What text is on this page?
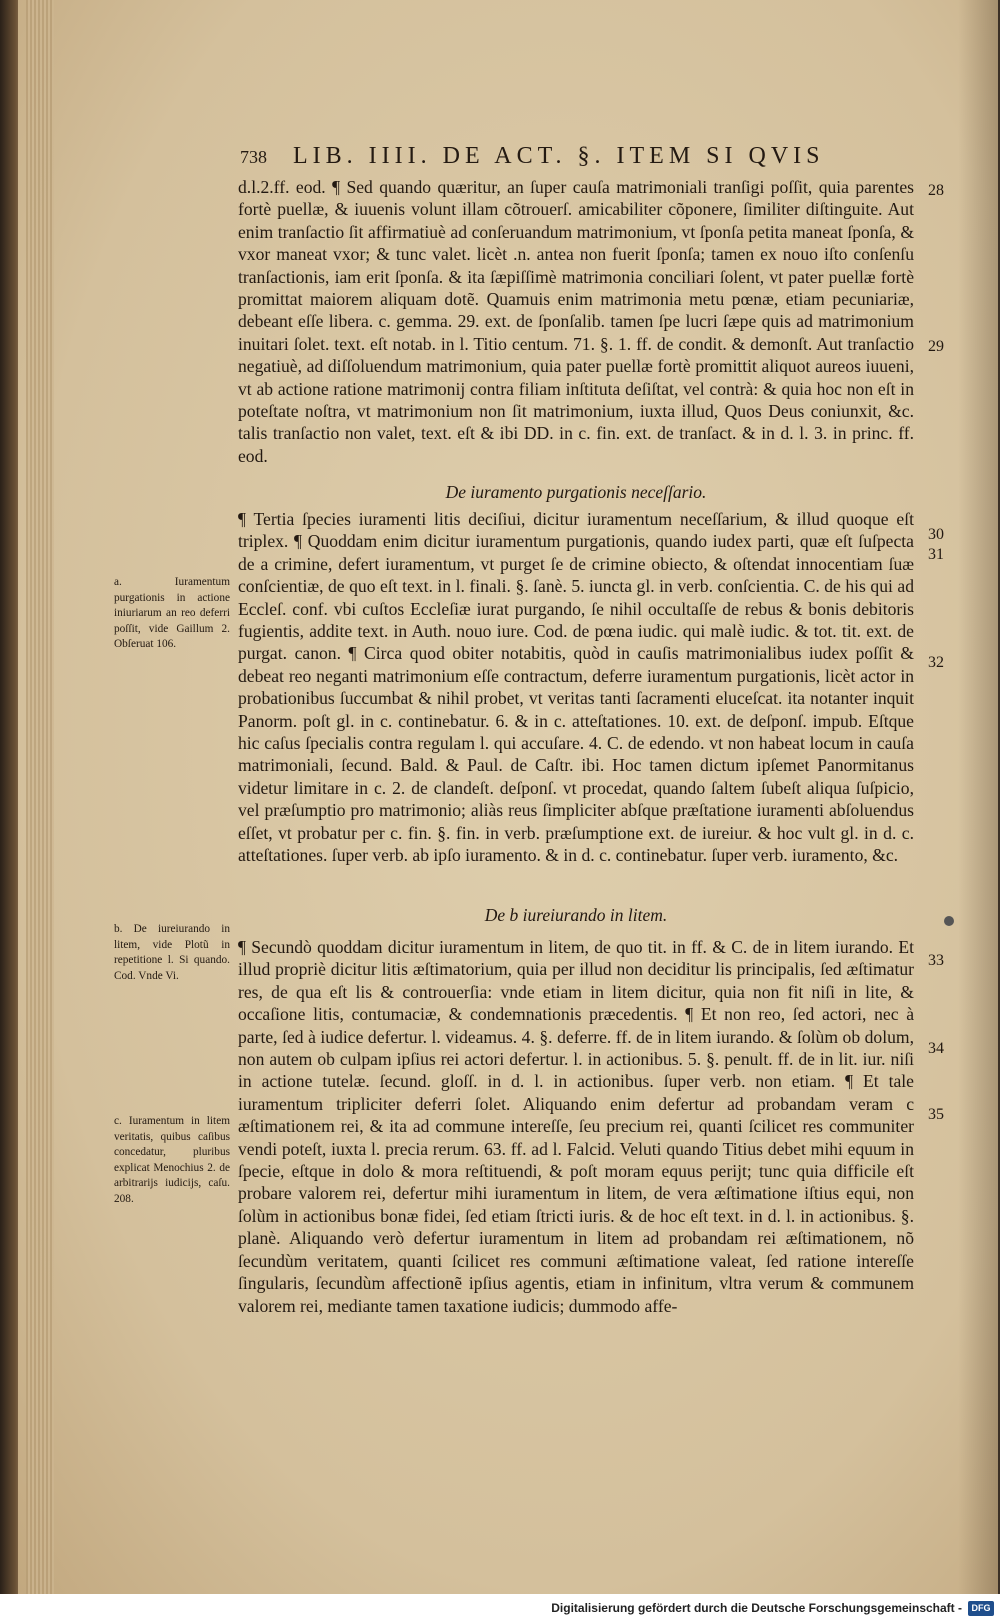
738 LIB. IIII. DE ACT. §. ITEM SI QVIS

d.l.2.ff. eod. ¶ Sed quando quæritur, an ſuper cauſa matrimoniali tranſigi poſſit, quia parentes fortè puellæ, & iuuenis volunt illam cõtrouerſ. amicabiliter cõponere, ſimiliter diſtinguite. Aut enim tranſactio ſit affirmatiuè ad conſeruandum matrimonium, vt ſponſa petita maneat ſponſa, & vxor maneat vxor; & tunc valet. licèt .n. antea non fuerit ſponſa; tamen ex nouo iſto conſenſu tranſactionis, iam erit ſponſa. & ita ſæpiſſimè matrimonia conciliari ſolent, vt pater puellæ fortè promittat maiorem aliquam dotẽ. Quamuis enim matrimonia metu pœnæ, etiam pecuniariæ, debeant eſſe libera. c. gemma. 29. ext. de ſponſalib. tamen ſpe lucri ſæpe quis ad matrimonium inuitari ſolet. text. eſt notab. in l. Titio centum. 71. §. 1. ff. de condit. & demonſt. Aut tranſactio negatiuè, ad diſſoluendum matrimonium, quia pater puellæ fortè promittit aliquot aureos iuueni, vt ab actione ratione matrimonij contra filiam inſtituta deſiſtat, vel contrà: & quia hoc non eſt in poteſtate noſtra, vt matrimonium non ſit matrimonium, iuxta illud, Quos Deus coniunxit, &c. talis tranſactio non valet, text. eſt & ibi DD. in c. fin. ext. de tranſact. & in d. l. 3. in princ. ff. eod.

De iuramento purgationis neceſſario.

¶ Tertia ſpecies iuramenti litis deciſiui, dicitur iuramentum neceſſarium, & illud quoque eſt triplex. ¶ Quoddam enim dicitur iuramentum purgationis, quando iudex parti, quæ eſt ſuſpecta de a crimine, defert iuramentum, vt purget ſe de crimine obiecto, & oſtendat innocentiam ſuæ conſcientiæ, de quo eſt text. in l. finali. §. ſanè. 5. iuncta gl. in verb. conſcientia. C. de his qui ad Eccleſ. conf. vbi cuſtos Eccleſiæ iurat purgando, ſe nihil occultaſſe de rebus & bonis debitoris fugientis, addite text. in Auth. nouo iure. Cod. de pœna iudic. qui malè iudic. & tot. tit. ext. de purgat. canon. ¶ Circa quod obiter notabitis, quòd in cauſis matrimonialibus iudex poſſit & debeat reo neganti matrimonium eſſe contractum, deferre iuramentum purgationis, licèt actor in probationibus ſuccumbat & nihil probet, vt veritas tanti ſacramenti eluceſcat. ita notanter inquit Panorm. poſt gl. in c. continebatur. 6. & in c. atteſtationes. 10. ext. de deſponſ. impub. Eſtque hic caſus ſpecialis contra regulam l. qui accuſare. 4. C. de edendo. vt non habeat locum in cauſa matrimoniali, ſecund. Bald. & Paul. de Caſtr. ibi. Hoc tamen dictum ipſemet Panormitanus videtur limitare in c. 2. de clandeſt. deſponſ. vt procedat, quando ſaltem ſubeſt aliqua ſuſpicio, vel præſumptio pro matrimonio; aliàs reus ſimpliciter abſque præſtatione iuramenti abſoluendus eſſet, vt probatur per c. fin. §. fin. in verb. præſumptione ext. de iureiur. & hoc vult gl. in d. c. atteſtationes. ſuper verb. ab ipſo iuramento. & in d. c. continebatur. ſuper verb. iuramento, &c.

De b iureiurando in litem.

¶ Secundò quoddam dicitur iuramentum in litem, de quo tit. in ff. & C. de in litem iurando. Et illud propriè dicitur litis æſtimatorium, quia per illud non deciditur lis principalis, ſed æſtimatur res, de qua eſt lis & controuerſia: vnde etiam in litem dicitur, quia non fit niſi in lite, & occaſione litis, contumaciæ, & condemnationis præcedentis. ¶ Et non reo, ſed actori, nec à parte, ſed à iudice defertur. l. videamus. 4. §. deferre. ff. de in litem iurando. & ſolùm ob dolum, non autem ob culpam ipſius rei actori defertur. l. in actionibus. 5. §. penult. ff. de in lit. iur. niſi in actione tutelæ. ſecund. gloſſ. in d. l. in actionibus. ſuper verb. non etiam. ¶ Et tale iuramentum tripliciter deferri ſolet. Aliquando enim defertur ad probandam veram c æſtimationem rei, & ita ad commune intereſſe, ſeu precium rei, quanti ſcilicet res communiter vendi poteſt, iuxta l. precia rerum. 63. ff. ad l. Falcid. Veluti quando Titius debet mihi equum in ſpecie, eſtque in dolo & mora reſtituendi, & poſt moram equus perijt; tunc quia difficile eſt probare valorem rei, defertur mihi iuramentum in litem, de vera æſtimatione iſtius equi, non ſolùm in actionibus bonæ fidei, ſed etiam ſtricti iuris. & de hoc eſt text. in d. l. in actionibus. §. planè. Aliquando verò defertur iuramentum in litem ad probandam rei æſtimationem, nõ ſecundùm veritatem, quanti ſcilicet res communi æſtimatione valeat, ſed ratione intereſſe ſingularis, ſecundùm affectionẽ ipſius agentis, etiam in infinitum, vltra verum & communem valorem rei, mediante tamen taxatione iudicis; dummodo affe-

28
29
30
31
32
33
34
35
a. Iuramentum purgationis in actione iniuriarum an reo deferri poſſit, vide Gaillum 2. Obſeruat 106.
b. De iureiurando in litem, vide Plotũ in repetitione l. Si quando. Cod. Vnde Vi.
c. Iuramentum in litem veritatis, quibus caſibus concedatur, pluribus explicat Menochius 2. de arbitrarijs iudicijs, caſu. 208.
Digitalisierung gefördert durch die Deutsche Forschungsgemeinschaft -	DFG
